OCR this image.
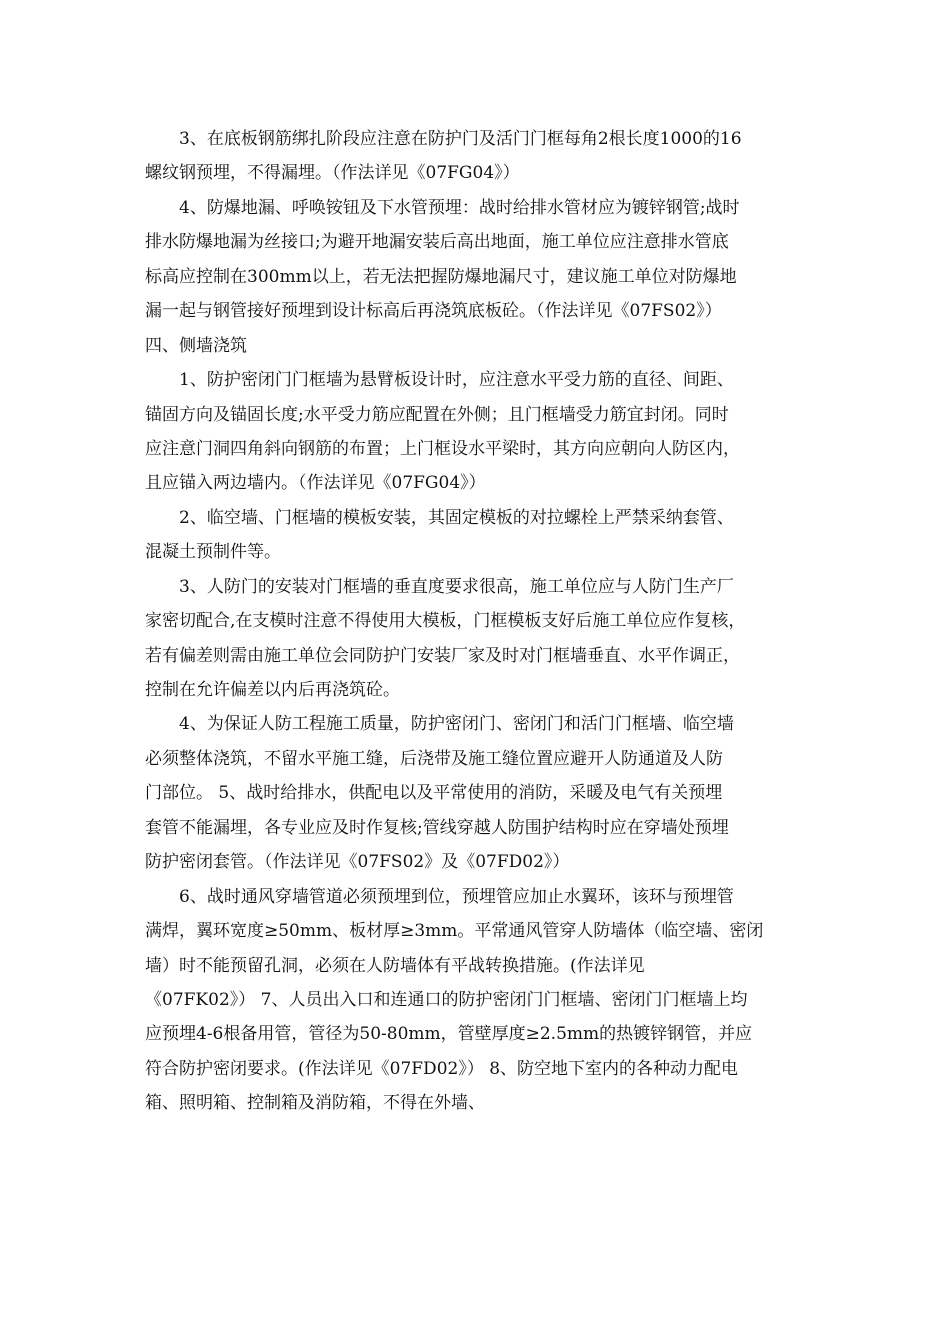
3、在底板钢筋绑扎阶段应注意在防护门及活门门框每角2根长度1000的16
螺纹钢预埋，不得漏埋。（作法详见《07FG04》）
4、防爆地漏、呼唤铵钮及下水管预埋：战时给排水管材应为镀锌钢管;战时
排水防爆地漏为丝接口;为避开地漏安装后高出地面，施工单位应注意排水管底
标高应控制在300mm以上，若无法把握防爆地漏尺寸，建议施工单位对防爆地
漏一起与钢管接好预埋到设计标高后再浇筑底板砼。（作法详见《07FS02》）
四、侧墙浇筑
1、防护密闭门门框墙为悬臂板设计时，应注意水平受力筋的直径、间距、
锚固方向及锚固长度;水平受力筋应配置在外侧；且门框墙受力筋宜封闭。同时
应注意门洞四角斜向钢筋的布置；上门框设水平梁时，其方向应朝向人防区内，
且应锚入两边墙内。（作法详见《07FG04》）
2、临空墙、门框墙的模板安装，其固定模板的对拉螺栓上严禁采纳套管、
混凝土预制件等。
3、人防门的安装对门框墙的垂直度要求很高，施工单位应与人防门生产厂
家密切配合,在支模时注意不得使用大模板，门框模板支好后施工单位应作复核，
若有偏差则需由施工单位会同防护门安装厂家及时对门框墙垂直、水平作调正，
控制在允许偏差以内后再浇筑砼。
4、为保证人防工程施工质量，防护密闭门、密闭门和活门门框墙、临空墙
必须整体浇筑，不留水平施工缝，后浇带及施工缝位置应避开人防通道及人防
门部位。 5、战时给排水，供配电以及平常使用的消防，采暖及电气有关预埋
套管不能漏埋，各专业应及时作复核;管线穿越人防围护结构时应在穿墙处预埋
防护密闭套管。（作法详见《07FS02》及《07FD02》）
6、战时通风穿墙管道必须预埋到位，预埋管应加止水翼环，该环与预埋管
满焊，翼环宽度≥50mm、板材厚≥3mm。平常通风管穿人防墙体（临空墙、密闭
墙）时不能预留孔洞，必须在人防墙体有平战转换措施。(作法详见
《07FK02》） 7、人员出入口和连通口的防护密闭门门框墙、密闭门门框墙上均
应预埋4-6根备用管，管径为50-80mm，管壁厚度≥2.5mm的热镀锌钢管，并应
符合防护密闭要求。(作法详见《07FD02》） 8、防空地下室内的各种动力配电
箱、照明箱、控制箱及消防箱，不得在外墙、
